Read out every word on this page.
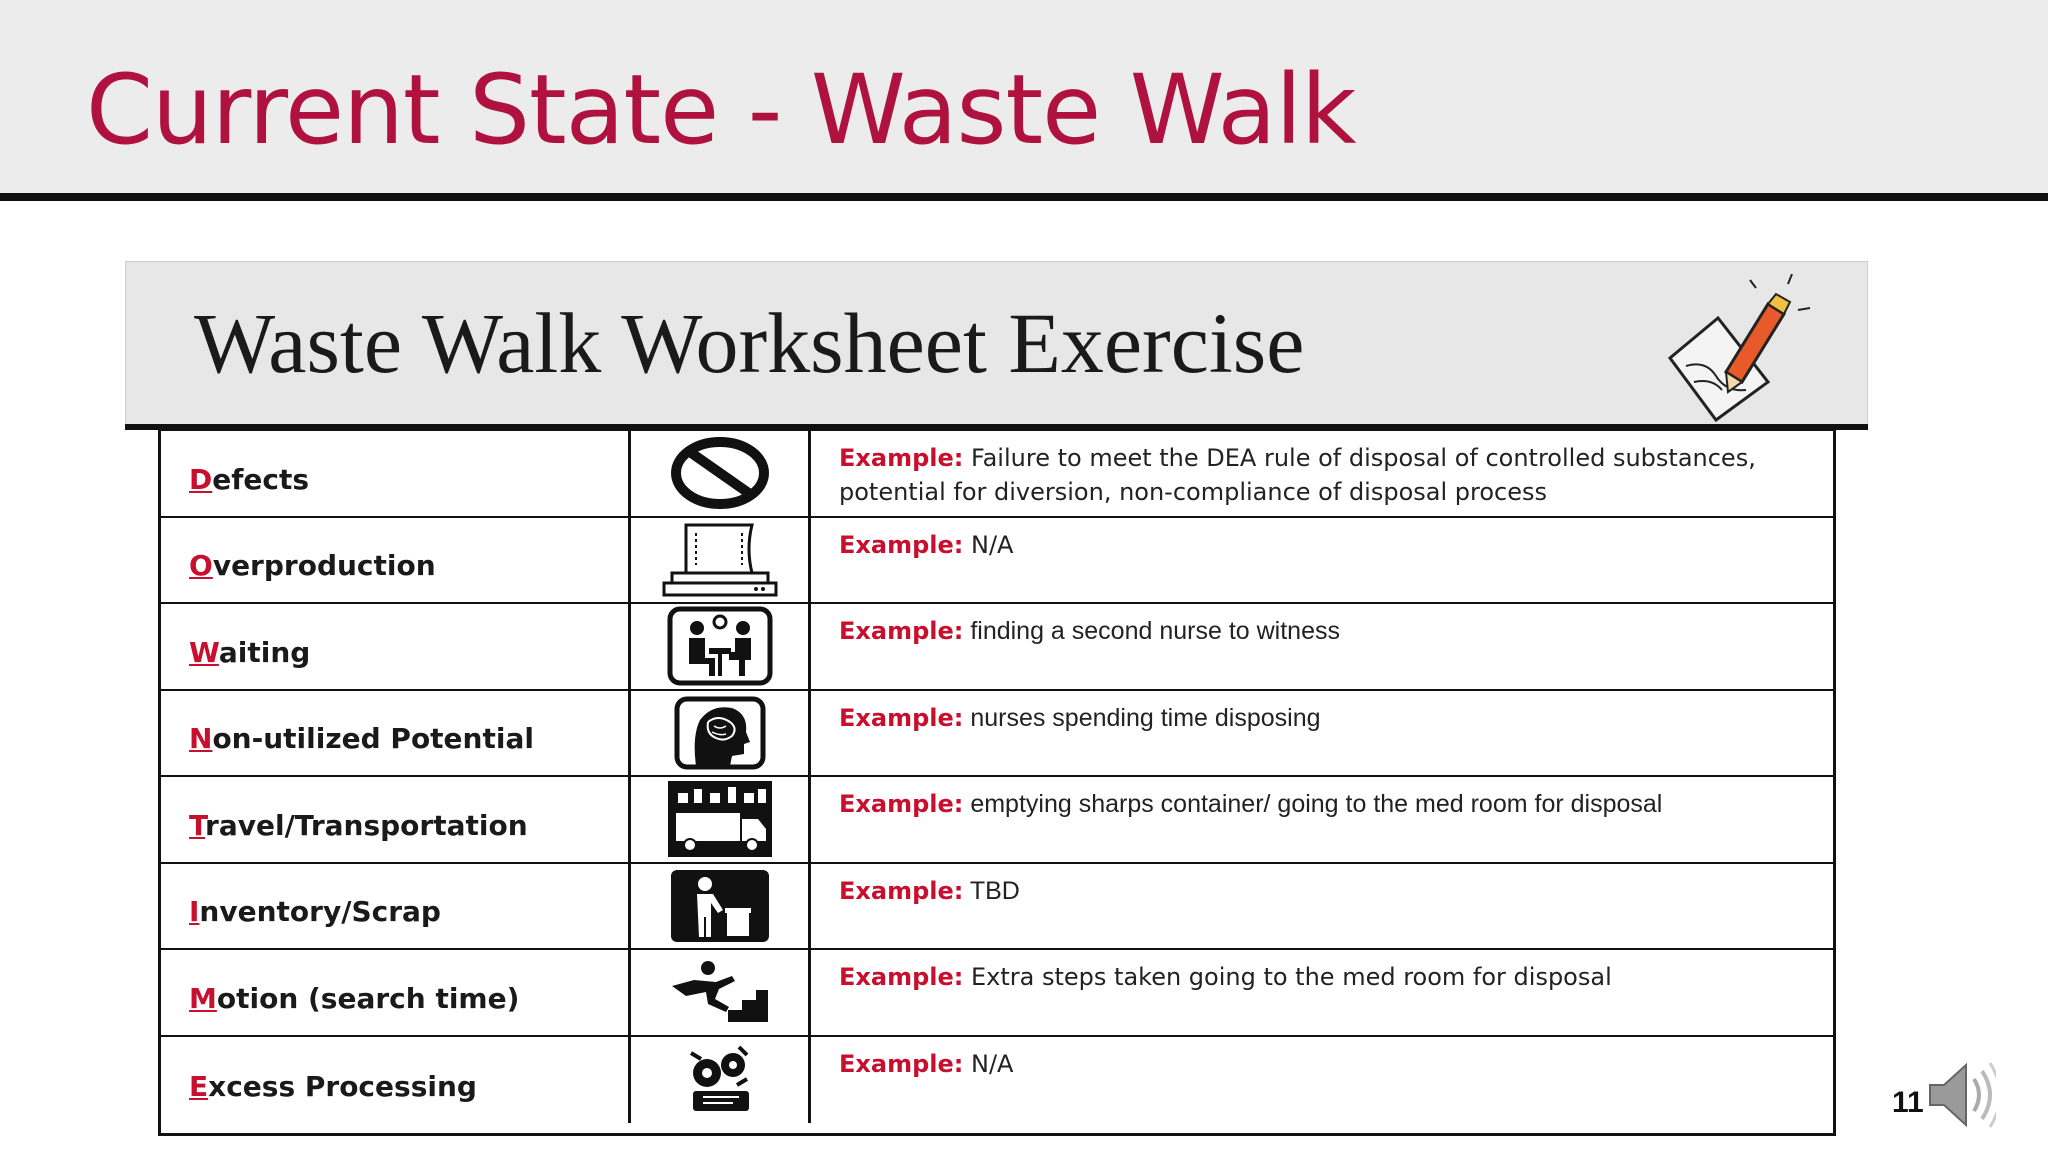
Current State - Waste Walk
Waste Walk Worksheet Exercise
Defects
Example: Failure to meet the DEA rule of disposal of controlled substances, potential for diversion, non-compliance of disposal process
Overproduction
Example: N/A
Waiting
Example: finding a second nurse to witness
Non-utilized Potential
Example: nurses spending time disposing
Travel/Transportation
Example: emptying sharps container/ going to the med room for disposal
Inventory/Scrap
Example: TBD
Motion (search time)
Example: Extra steps taken going to the med room for disposal
Excess Processing
Example: N/A
11
